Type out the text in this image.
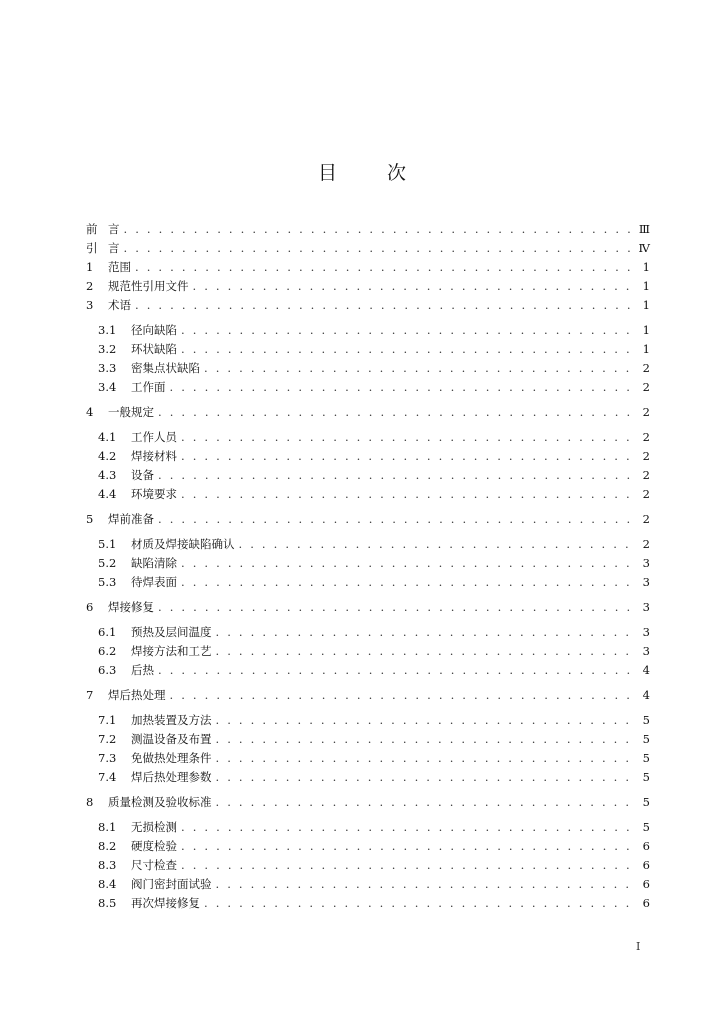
目 次
前 言 . . .	Ⅲ
引 言 . . .	Ⅳ
1	范围 . . .	1
2	规范性引用文件 . . .	1
3	术语 . . .	1
3.1	径向缺陷 . . .	1
3.2	环状缺陷 . . .	1
3.3	密集点状缺陷 . . .	2
3.4	工作面 . . .	2
4	一般规定 . . .	2
4.1	工作人员 . . .	2
4.2	焊接材料 . . .	2
4.3	设备 . . .	2
4.4	环境要求 . . .	2
5	焊前准备 . . .	2
5.1	材质及焊接缺陷确认 . . .	2
5.2	缺陷清除 . . .	3
5.3	待焊表面 . . .	3
6	焊接修复 . . .	3
6.1	预热及层间温度 . . .	3
6.2	焊接方法和工艺 . . .	3
6.3	后热 . . .	4
7	焊后热处理 . . .	4
7.1	加热装置及方法 . . .	5
7.2	测温设备及布置 . . .	5
7.3	免做热处理条件 . . .	5
7.4	焊后热处理参数 . . .	5
8	质量检测及验收标准 . . .	5
8.1	无损检测 . . .	5
8.2	硬度检验 . . .	6
8.3	尺寸检查 . . .	6
8.4	阀门密封面试验 . . .	6
8.5	再次焊接修复 . . .	6
I
